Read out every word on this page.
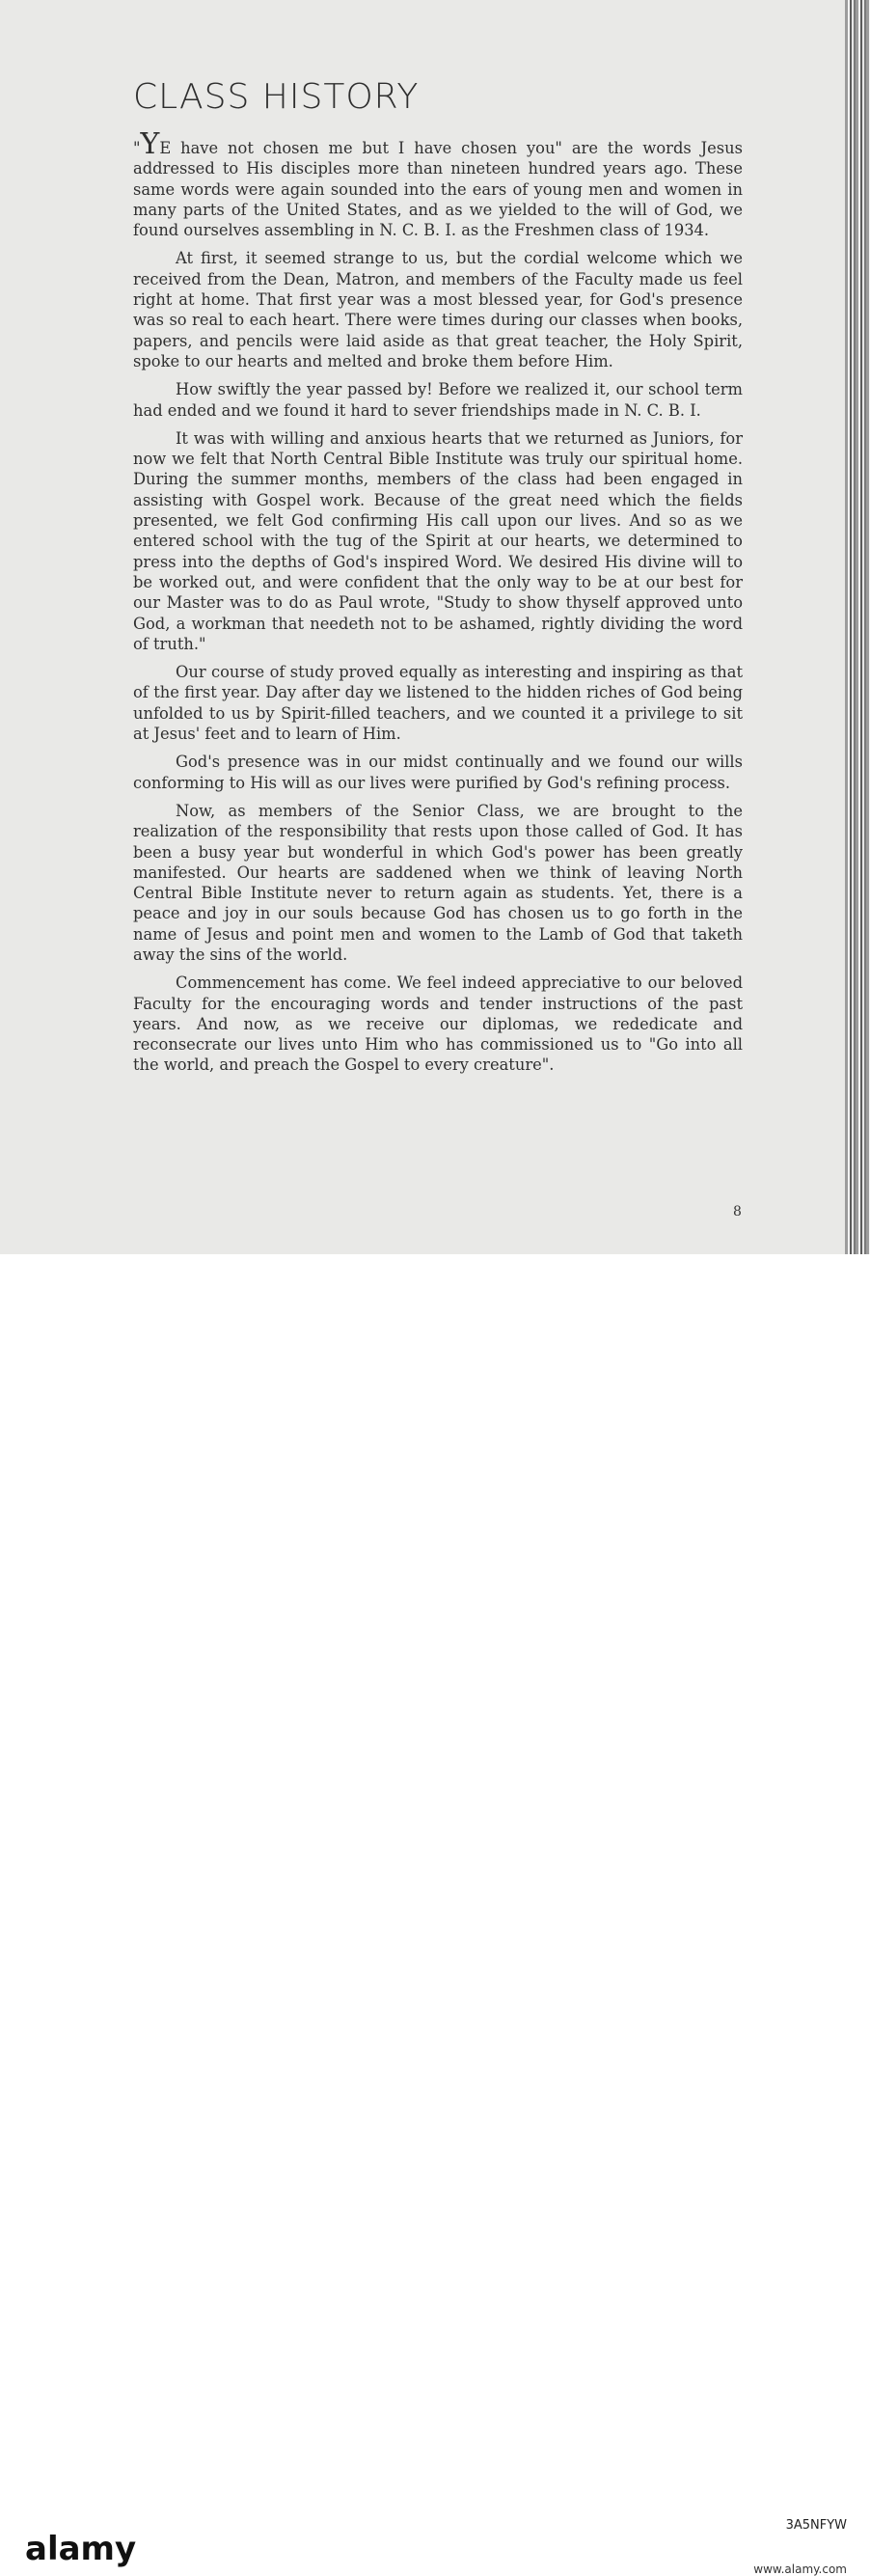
CLASS HISTORY

"YE have not chosen me but I have chosen you" are the words Jesus addressed to His disciples more than nineteen hundred years ago. These same words were again sounded into the ears of young men and women in many parts of the United States, and as we yielded to the will of God, we found ourselves assembling in N. C. B. I. as the Freshmen class of 1934.

At first, it seemed strange to us, but the cordial welcome which we received from the Dean, Matron, and members of the Faculty made us feel right at home. That first year was a most blessed year, for God's presence was so real to each heart. There were times during our classes when books, papers, and pencils were laid aside as that great teacher, the Holy Spirit, spoke to our hearts and melted and broke them before Him.

How swiftly the year passed by! Before we realized it, our school term had ended and we found it hard to sever friendships made in N. C. B. I.

It was with willing and anxious hearts that we returned as Juniors, for now we felt that North Central Bible Institute was truly our spiritual home. During the summer months, members of the class had been engaged in assisting with Gospel work. Because of the great need which the fields presented, we felt God confirming His call upon our lives. And so as we entered school with the tug of the Spirit at our hearts, we determined to press into the depths of God's inspired Word. We desired His divine will to be worked out, and were confident that the only way to be at our best for our Master was to do as Paul wrote, "Study to show thyself approved unto God, a workman that needeth not to be ashamed, rightly dividing the word of truth."

Our course of study proved equally as interesting and inspiring as that of the first year. Day after day we listened to the hidden riches of God being unfolded to us by Spirit-filled teachers, and we counted it a privilege to sit at Jesus' feet and to learn of Him.

God's presence was in our midst continually and we found our wills conforming to His will as our lives were purified by God's refining process.

Now, as members of the Senior Class, we are brought to the realization of the responsibility that rests upon those called of God. It has been a busy year but wonderful in which God's power has been greatly manifested. Our hearts are saddened when we think of leaving North Central Bible Institute never to return again as students. Yet, there is a peace and joy in our souls because God has chosen us to go forth in the name of Jesus and point men and women to the Lamb of God that taketh away the sins of the world.

Commencement has come. We feel indeed appreciative to our beloved Faculty for the encouraging words and tender instructions of the past years. And now, as we receive our diplomas, we rededicate and reconsecrate our lives unto Him who has commissioned us to "Go into all the world, and preach the Gospel to every creature".

8
alamy
3A5NFYW
www.alamy.com
